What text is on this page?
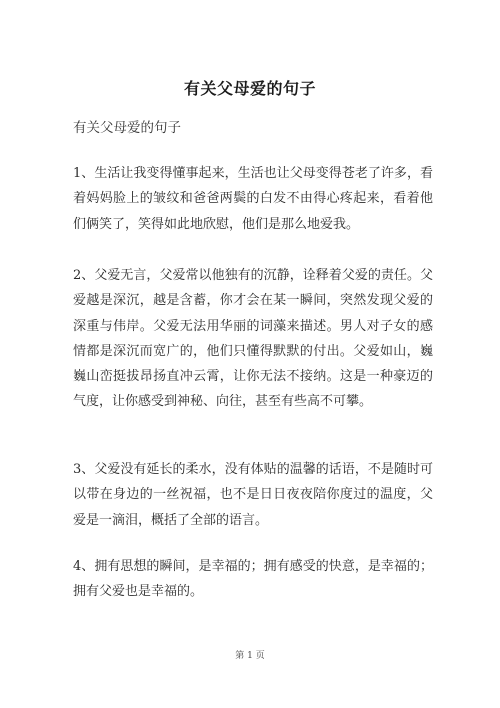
有关父母爱的句子
有关父母爱的句子

1、生活让我变得懂事起来，生活也让父母变得苍老了许多，看着妈妈脸上的皱纹和爸爸两鬓的白发不由得心疼起来，看着他们俩笑了，笑得如此地欣慰，他们是那么地爱我。

2、父爱无言，父爱常以他独有的沉静，诠释着父爱的责任。父爱越是深沉，越是含蓄，你才会在某一瞬间，突然发现父爱的深重与伟岸。父爱无法用华丽的词藻来描述。男人对子女的感情都是深沉而宽广的，他们只懂得默默的付出。父爱如山，巍巍山峦挺拔昂扬直冲云霄，让你无法不接纳。这是一种豪迈的气度，让你感受到神秘、向往，甚至有些高不可攀。

3、父爱没有延长的柔水，没有体贴的温馨的话语，不是随时可以带在身边的一丝祝福，也不是日日夜夜陪你度过的温度，父爱是一滴泪，概括了全部的语言。

4、拥有思想的瞬间，是幸福的；拥有感受的快意，是幸福的；拥有父爱也是幸福的。

第 1 页
